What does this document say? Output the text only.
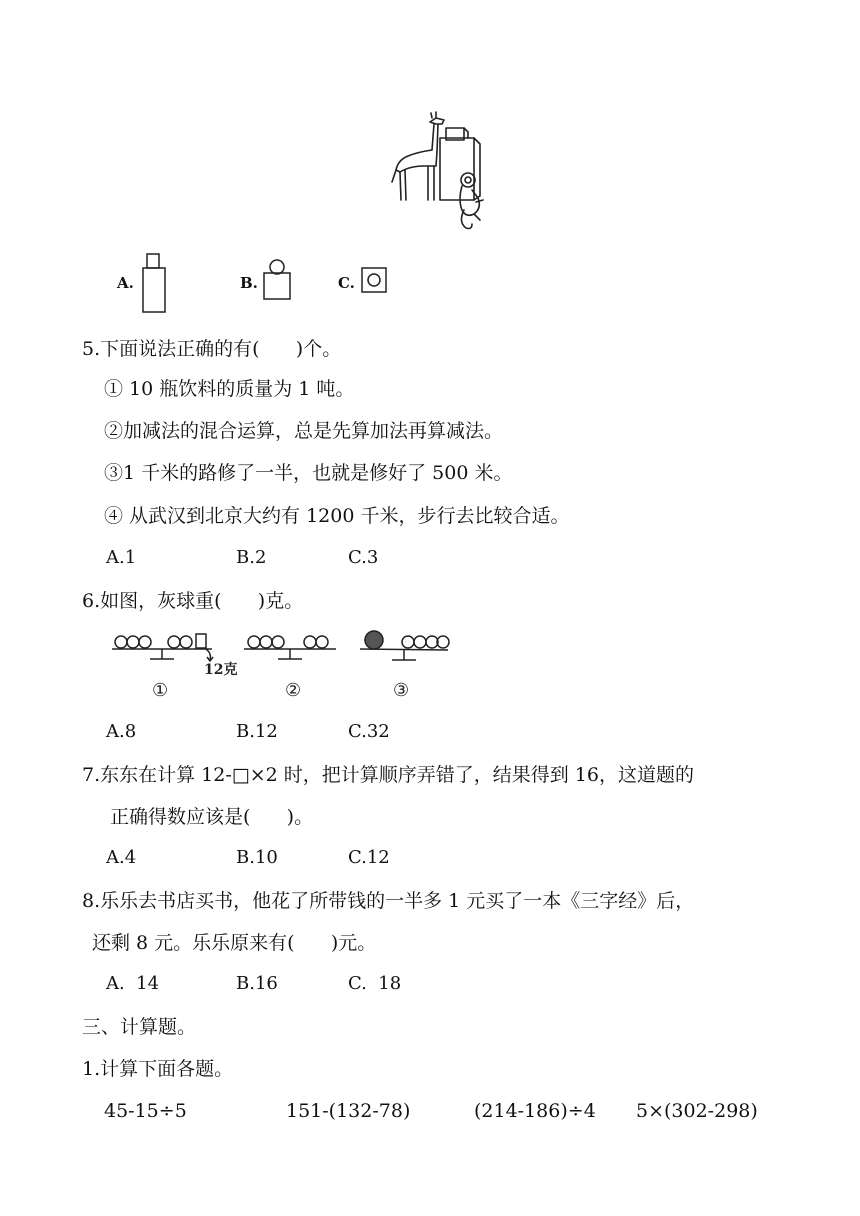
A.	B.	C.
5.下面说法正确的有(      )个。
① 10 瓶饮料的质量为 1 吨。
②加减法的混合运算，总是先算加法再算减法。
③1 千米的路修了一半，也就是修好了 500 米。
④ 从武汉到北京大约有 1200 千米，步行去比较合适。
A.1	B.2	C.3
6.如图，灰球重(      )克。
12克
①	②	③
A.8	B.12	C.32
7.东东在计算 12-□×2 时，把计算顺序弄错了，结果得到 16，这道题的
正确得数应该是(      )。
A.4	B.10	C.12
8.乐乐去书店买书，他花了所带钱的一半多 1 元买了一本《三字经》后，
还剩 8 元。乐乐原来有(      )元。
A.  14	B.16	C.  18
三、计算题。
1.计算下面各题。
45-15÷5	151-(132-78)	(214-186)÷4 5×(302-298)
